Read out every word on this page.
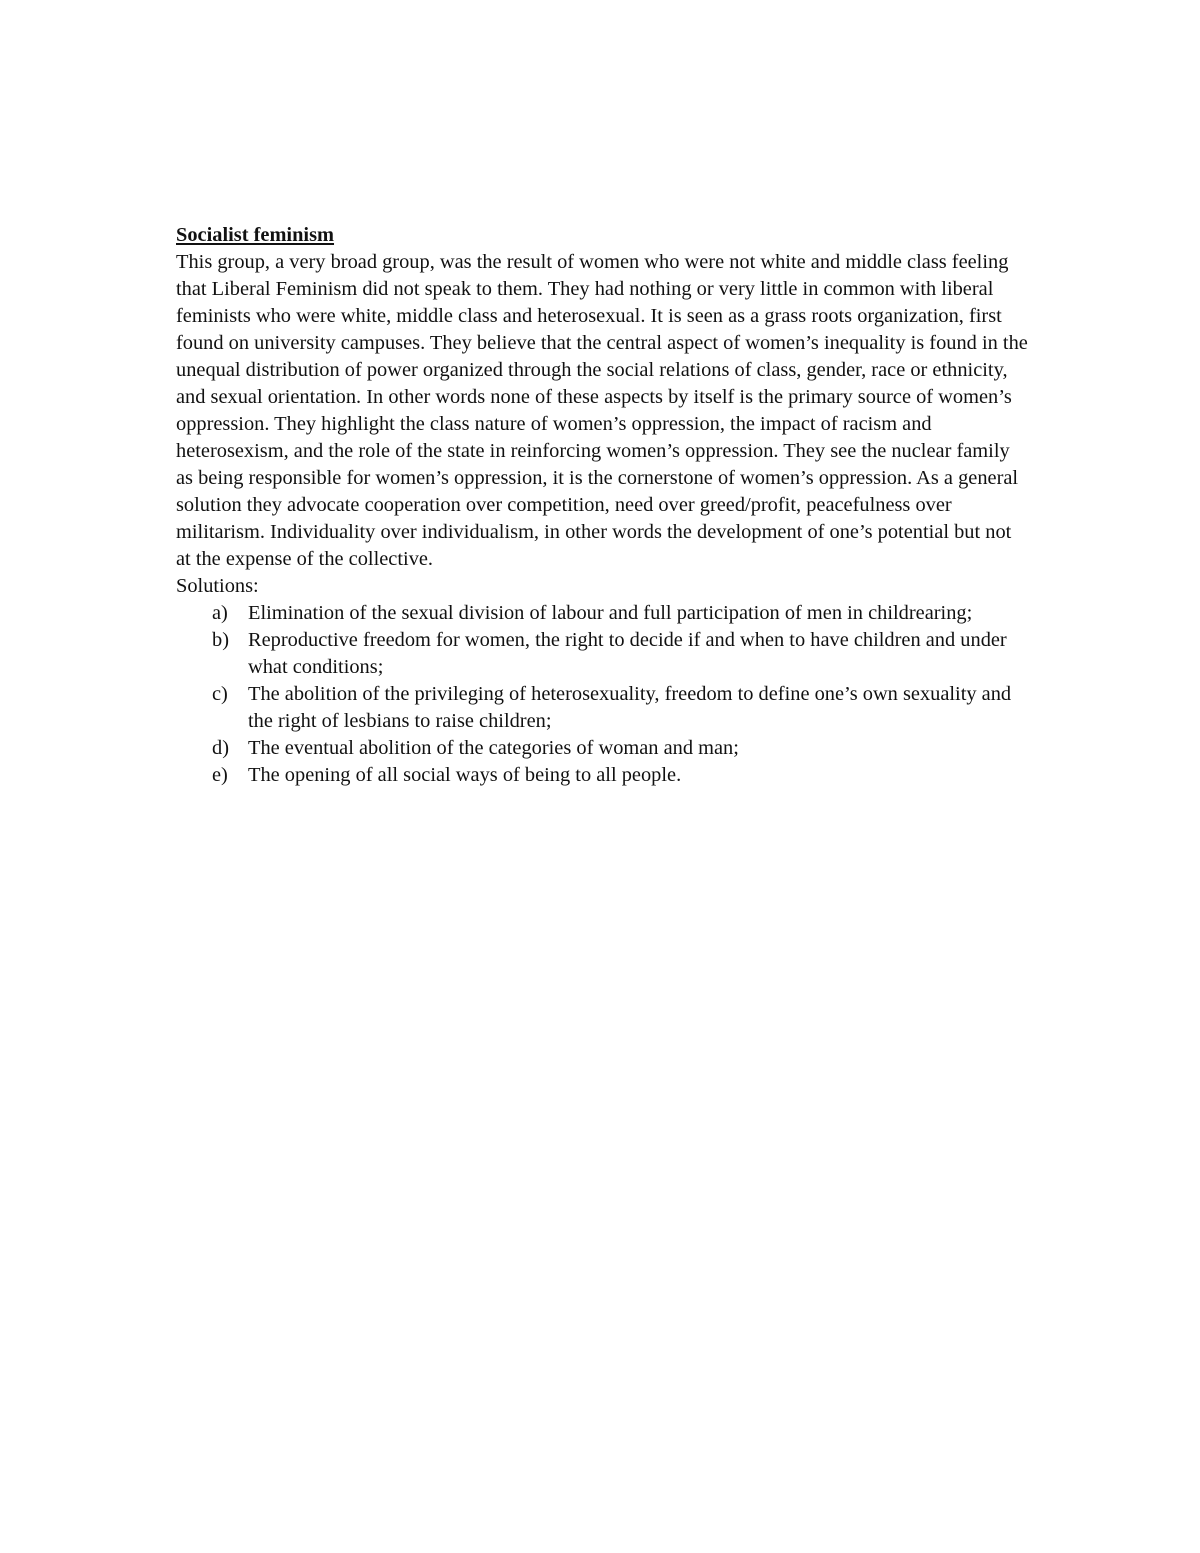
Socialist feminism

This group, a very broad group, was the result of women who were not white and middle class feeling that Liberal Feminism did not speak to them. They had nothing or very little in common with liberal feminists who were white, middle class and heterosexual. It is seen as a grass roots organization, first found on university campuses. They believe that the central aspect of women’s inequality is found in the unequal distribution of power organized through the social relations of class, gender, race or ethnicity, and sexual orientation. In other words none of these aspects by itself is the primary source of women’s oppression. They highlight the class nature of women’s oppression, the impact of racism and heterosexism, and the role of the state in reinforcing women’s oppression. They see the nuclear family as being responsible for women’s oppression, it is the cornerstone of women’s oppression. As a general solution they advocate cooperation over competition, need over greed/profit, peacefulness over militarism. Individuality over individualism, in other words the development of one’s potential but not at the expense of the collective.

Solutions:

a) Elimination of the sexual division of labour and full participation of men in childrearing;
b) Reproductive freedom for women, the right to decide if and when to have children and under what conditions;
c) The abolition of the privileging of heterosexuality, freedom to define one’s own sexuality and the right of lesbians to raise children;
d) The eventual abolition of the categories of woman and man;
e) The opening of all social ways of being to all people.
